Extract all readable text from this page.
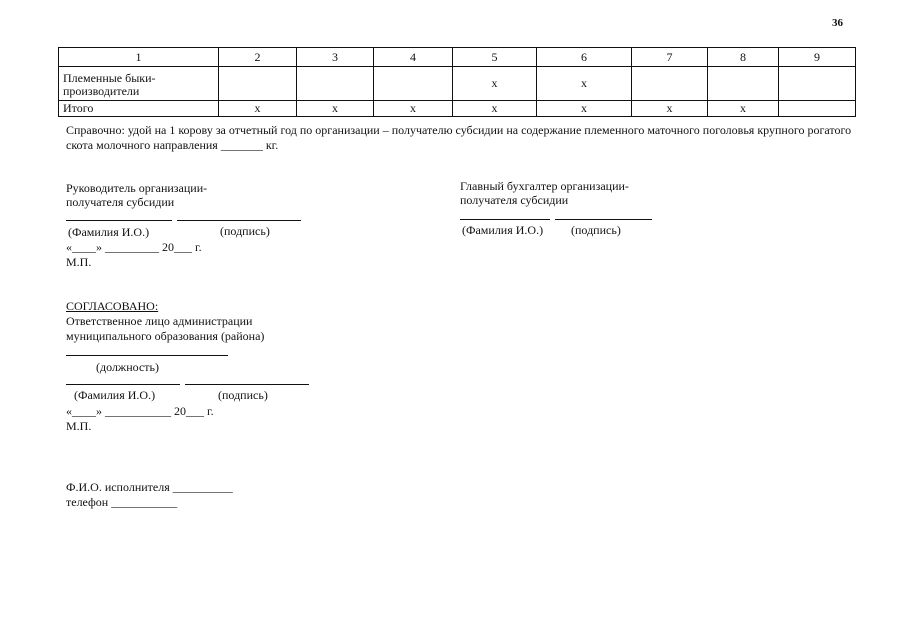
36
1	2	3	4	5	6	7	8	9
Племенные быки-производители				x	x			
Итого	x	x	x	x	x	x	x	
Справочно: удой на 1 корову за отчетный год по организации – получателю субсидии на содержание племенного маточного поголовья крупного рогатого скота молочного направления _______ кг.
Руководитель организации-
получателя субсидии
(Фамилия И.О.)	(подпись)
«____» _________ 20___ г.
М.П.
Главный бухгалтер организации-
получателя субсидии
(Фамилия И.О.) (подпись)
СОГЛАСОВАНО:
Ответственное лицо администрации
муниципального образования (района)
(должность)
(Фамилия И.О.)	(подпись)
«____» ___________ 20___ г.
М.П.
Ф.И.О. исполнителя __________
телефон ___________
